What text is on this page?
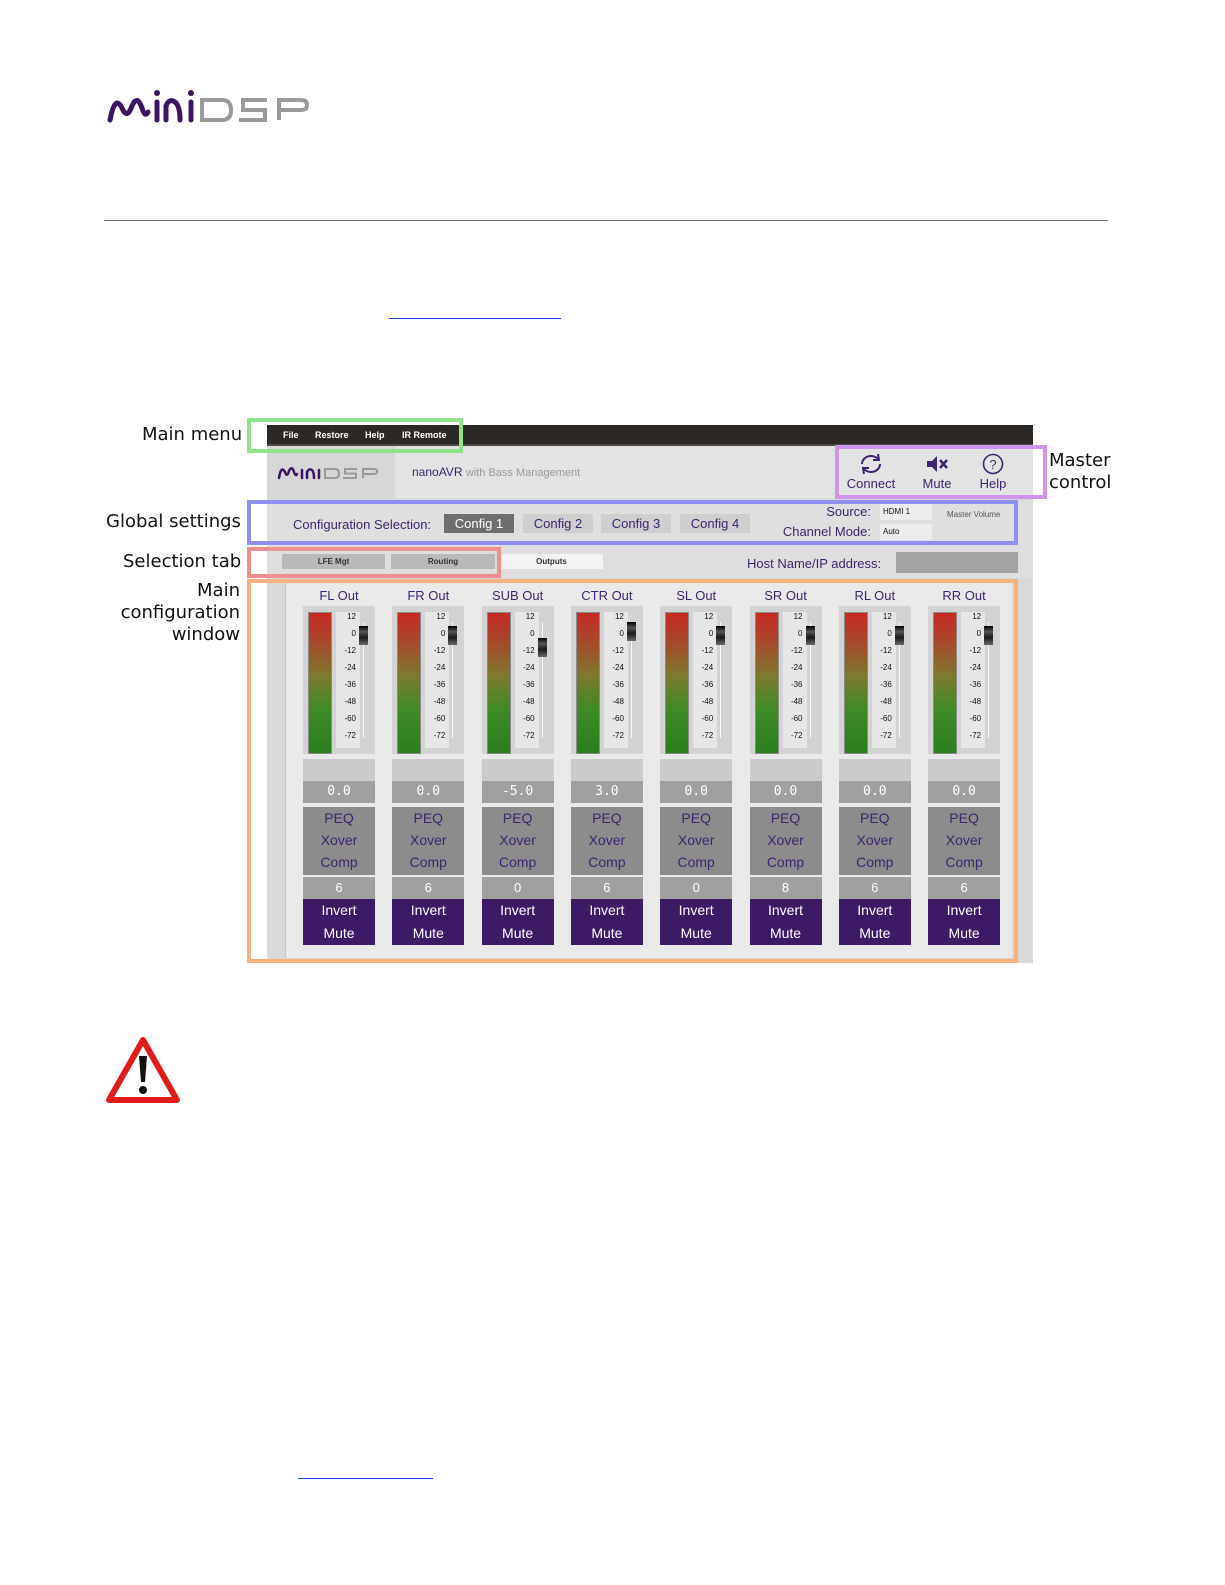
Main menu
Global settings
Selection tab
Main
configuration
window
Master
control
File Restore Help IR Remote
nanoAVR with Bass Management
Connect	Mute
?
Help
Configuration Selection:	Config 1	Config 2	Config 3	Config 4
Source:	HDMI 1
Channel Mode:	Auto
Master Volume
LFE Mgt	Routing	Outputs	Host Name/IP address:
FL Out
12
0
-12
-24
-36
-48
-60
-72
0.0
PEQ
Xover
Comp
6
Invert
Mute
FR Out
12
0
-12
-24
-36
-48
-60
-72
0.0
PEQ
Xover
Comp
6
Invert
Mute
SUB Out
12
0
-12
-24
-36
-48
-60
-72
-5.0
PEQ
Xover
Comp
0
Invert
Mute
CTR Out
12
0
-12
-24
-36
-48
-60
-72
3.0
PEQ
Xover
Comp
6
Invert
Mute
SL Out
12
0
-12
-24
-36
-48
-60
-72
0.0
PEQ
Xover
Comp
0
Invert
Mute
SR Out
12
0
-12
-24
-36
-48
-60
-72
0.0
PEQ
Xover
Comp
8
Invert
Mute
RL Out
12
0
-12
-24
-36
-48
-60
-72
0.0
PEQ
Xover
Comp
6
Invert
Mute
RR Out
12
0
-12
-24
-36
-48
-60
-72
0.0
PEQ
Xover
Comp
6
Invert
Mute
